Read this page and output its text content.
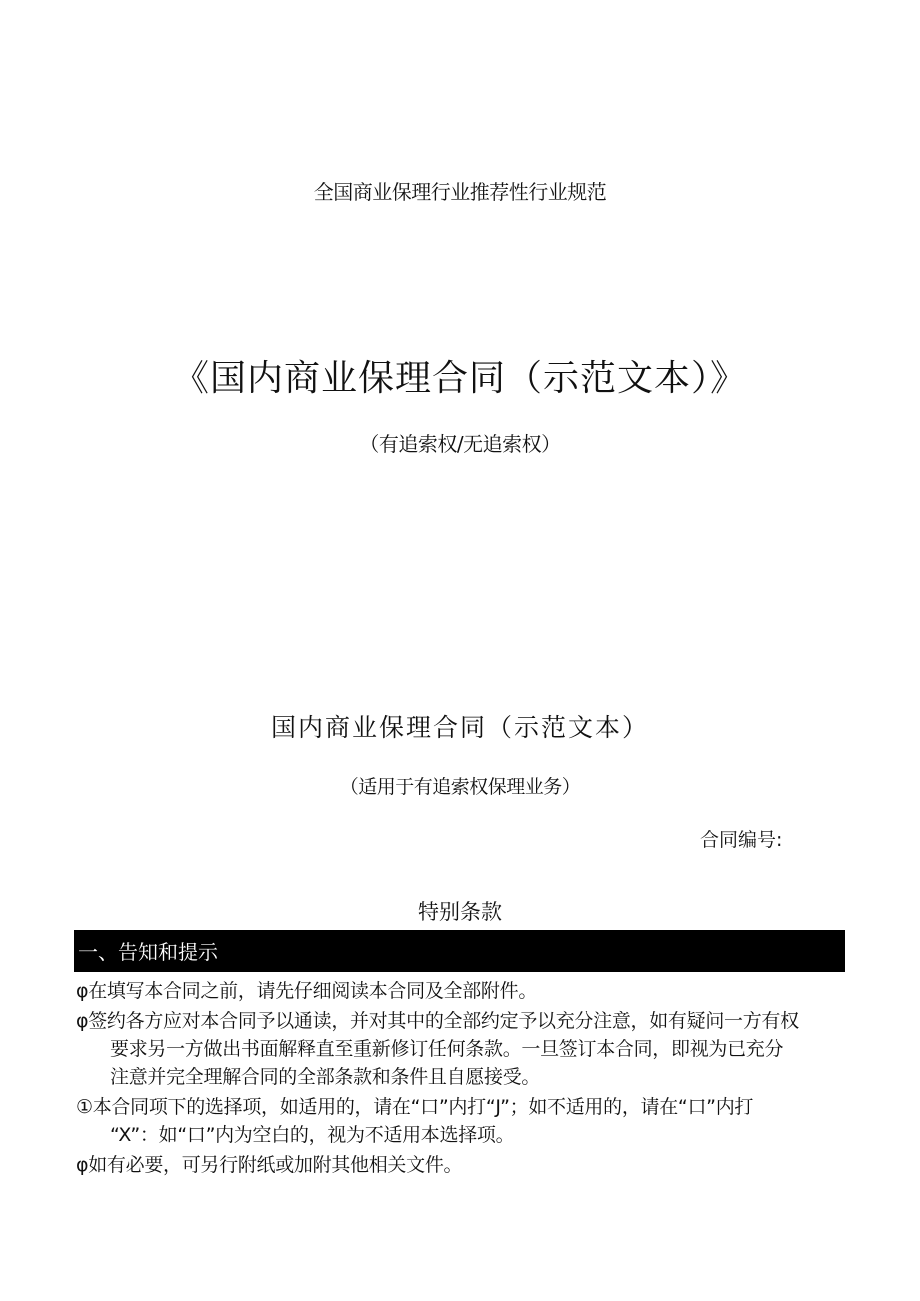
全国商业保理行业推荐性行业规范
《国内商业保理合同（示范文本）》
（有追索权/无追索权）
国内商业保理合同（示范文本）
（适用于有追索权保理业务）
合同编号:
特别条款
一、告知和提示
φ在填写本合同之前，请先仔细阅读本合同及全部附件。
φ签约各方应对本合同予以通读，并对其中的全部约定予以充分注意，如有疑问一方有权
要求另一方做出书面解释直至重新修订任何条款。一旦签订本合同，即视为已充分
注意并完全理解合同的全部条款和条件且自愿接受。
①本合同项下的选择项，如适用的，请在“口”内打“J”；如不适用的，请在“口”内打
“X”：如“口”内为空白的，视为不适用本选择项。
φ如有必要，可另行附纸或加附其他相关文件。
